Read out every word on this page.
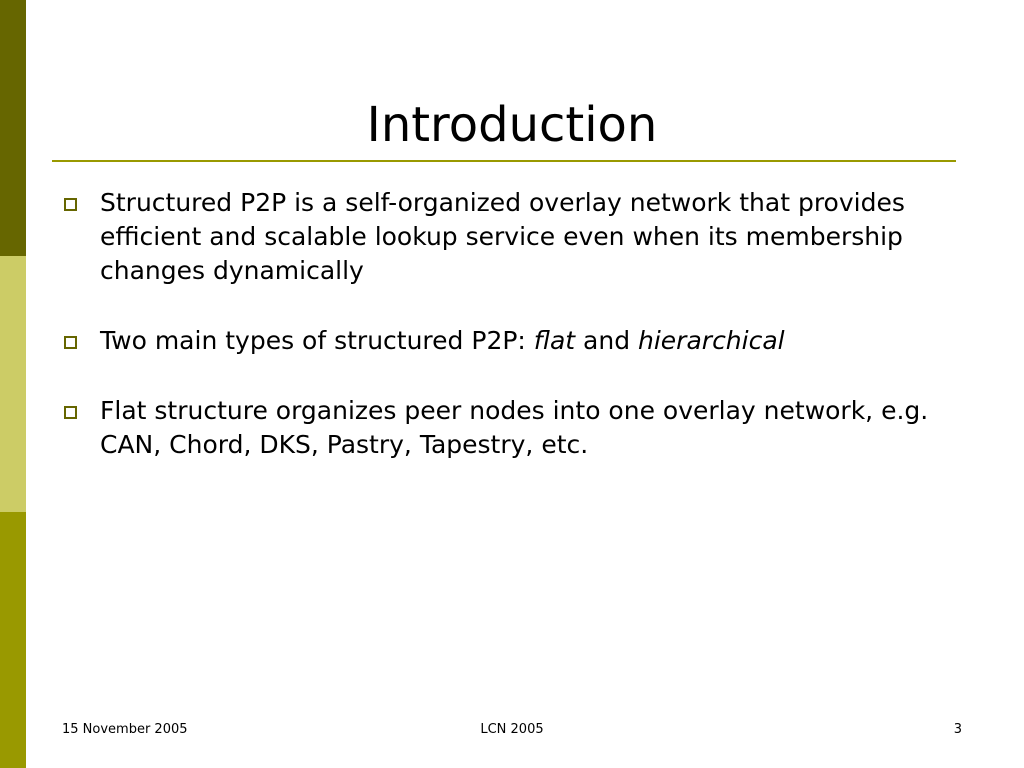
Introduction
Structured P2P is a self-organized overlay network that provides efficient and scalable lookup service even when its membership changes dynamically
Two main types of structured P2P: flat and hierarchical
Flat structure organizes peer nodes into one overlay network, e.g. CAN, Chord, DKS, Pastry, Tapestry, etc.
15 November 2005	LCN 2005	3
